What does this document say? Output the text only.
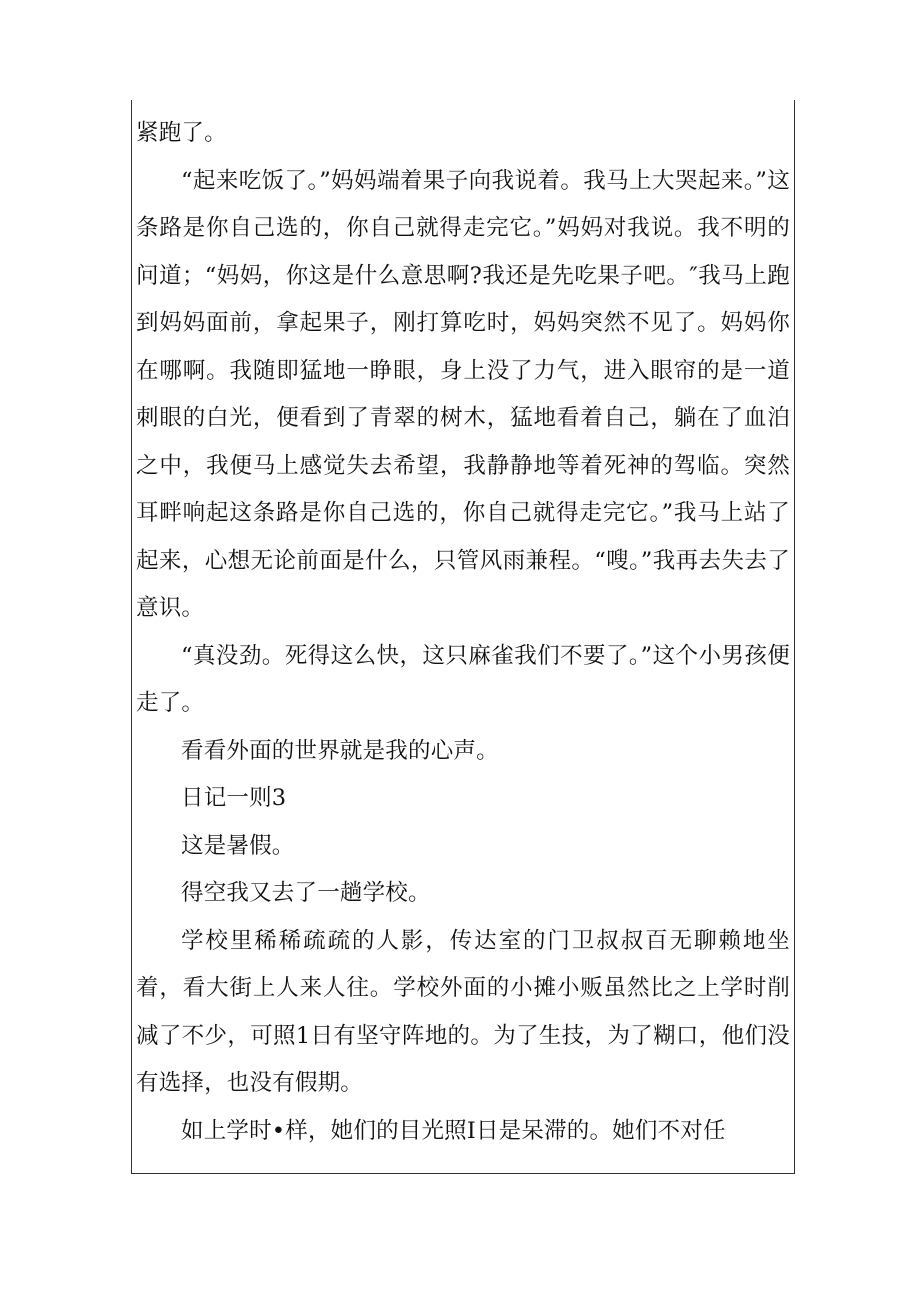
紧跑了。

“起来吃饭了。”妈妈端着果子向我说着。我马上大哭起来。”这条路是你自己选的，你自己就得走完它。”妈妈对我说。我不明的问道；“妈妈，你这是什么意思啊?我还是先吃果子吧。″我马上跑到妈妈面前，拿起果子，刚打算吃时，妈妈突然不见了。妈妈你在哪啊。我随即猛地一睁眼，身上没了力气，进入眼帘的是一道刺眼的白光，便看到了青翠的树木，猛地看着自己，躺在了血泊之中，我便马上感觉失去希望，我静静地等着死神的驾临。突然耳畔响起这条路是你自己选的，你自己就得走完它。”我马上站了起来，心想无论前面是什么，只管风雨兼程。“嗖。”我再去失去了意识。

“真没劲。死得这么快，这只麻雀我们不要了。”这个小男孩便走了。

看看外面的世界就是我的心声。

日记一则3

这是暑假。

得空我又去了一趟学校。

学校里稀稀疏疏的人影，传达室的门卫叔叔百无聊赖地坐着，看大街上人来人往。学校外面的小摊小贩虽然比之上学时削减了不少，可照1日有坚守阵地的。为了生技，为了糊口，他们没有选择，也没有假期。

如上学时•样，她们的目光照I日是呆滞的。她们不对任
